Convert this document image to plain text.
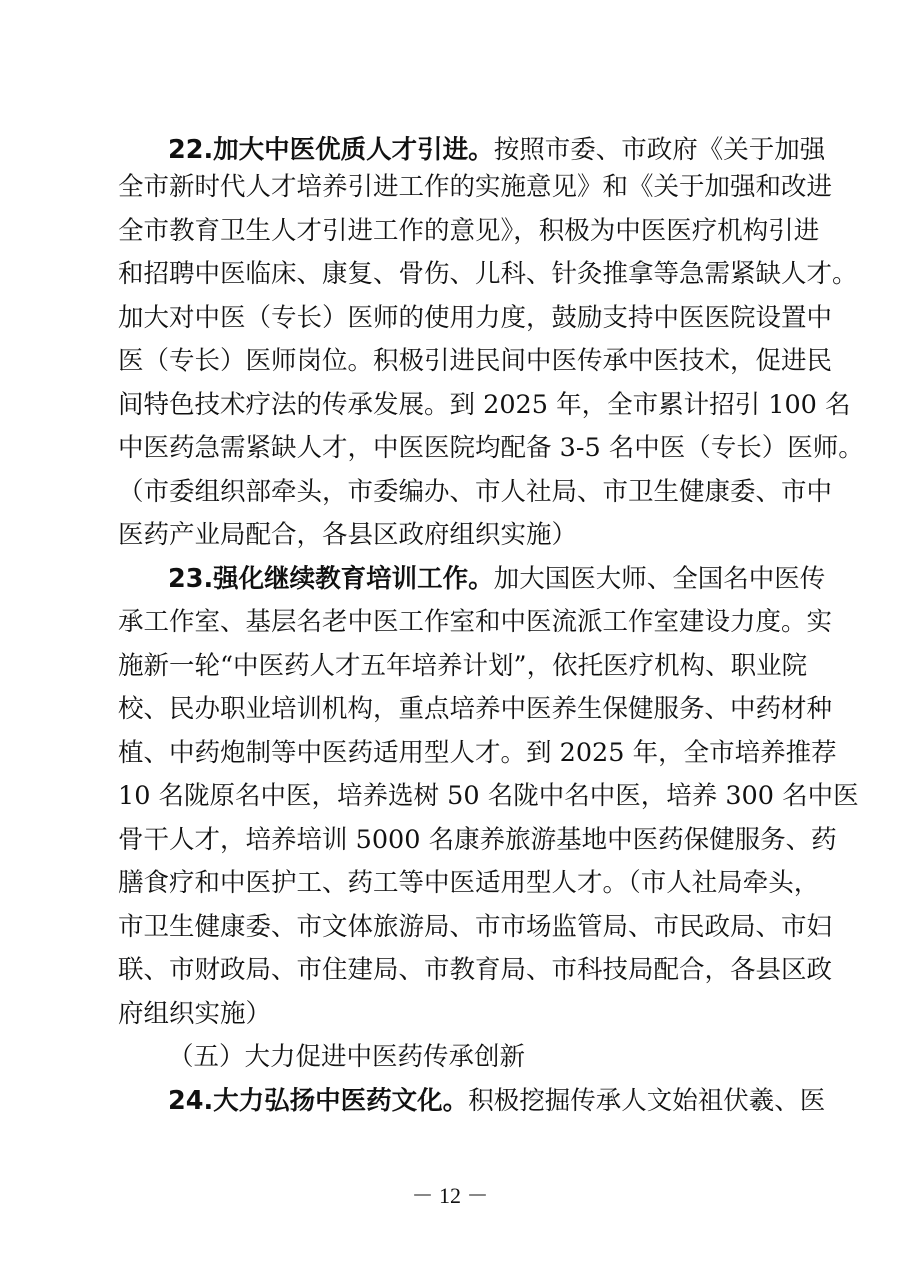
22.加大中医优质人才引进。按照市委、市政府《关于加强
全市新时代人才培养引进工作的实施意见》和《关于加强和改进
全市教育卫生人才引进工作的意见》，积极为中医医疗机构引进
和招聘中医临床、康复、骨伤、儿科、针灸推拿等急需紧缺人才。
加大对中医（专长）医师的使用力度，鼓励支持中医医院设置中
医（专长）医师岗位。积极引进民间中医传承中医技术，促进民
间特色技术疗法的传承发展。到 2025 年，全市累计招引 100 名
中医药急需紧缺人才，中医医院均配备 3-5 名中医（专长）医师。
（市委组织部牵头，市委编办、市人社局、市卫生健康委、市中
医药产业局配合，各县区政府组织实施）
23.强化继续教育培训工作。加大国医大师、全国名中医传
承工作室、基层名老中医工作室和中医流派工作室建设力度。实
施新一轮“中医药人才五年培养计划”，依托医疗机构、职业院
校、民办职业培训机构，重点培养中医养生保健服务、中药材种
植、中药炮制等中医药适用型人才。到 2025 年，全市培养推荐
10 名陇原名中医，培养选树 50 名陇中名中医，培养 300 名中医
骨干人才，培养培训 5000 名康养旅游基地中医药保健服务、药
膳食疗和中医护工、药工等中医适用型人才。（市人社局牵头，
市卫生健康委、市文体旅游局、市市场监管局、市民政局、市妇
联、市财政局、市住建局、市教育局、市科技局配合，各县区政
府组织实施）
（五）大力促进中医药传承创新
24.大力弘扬中医药文化。积极挖掘传承人文始祖伏羲、医
－ 12 －
